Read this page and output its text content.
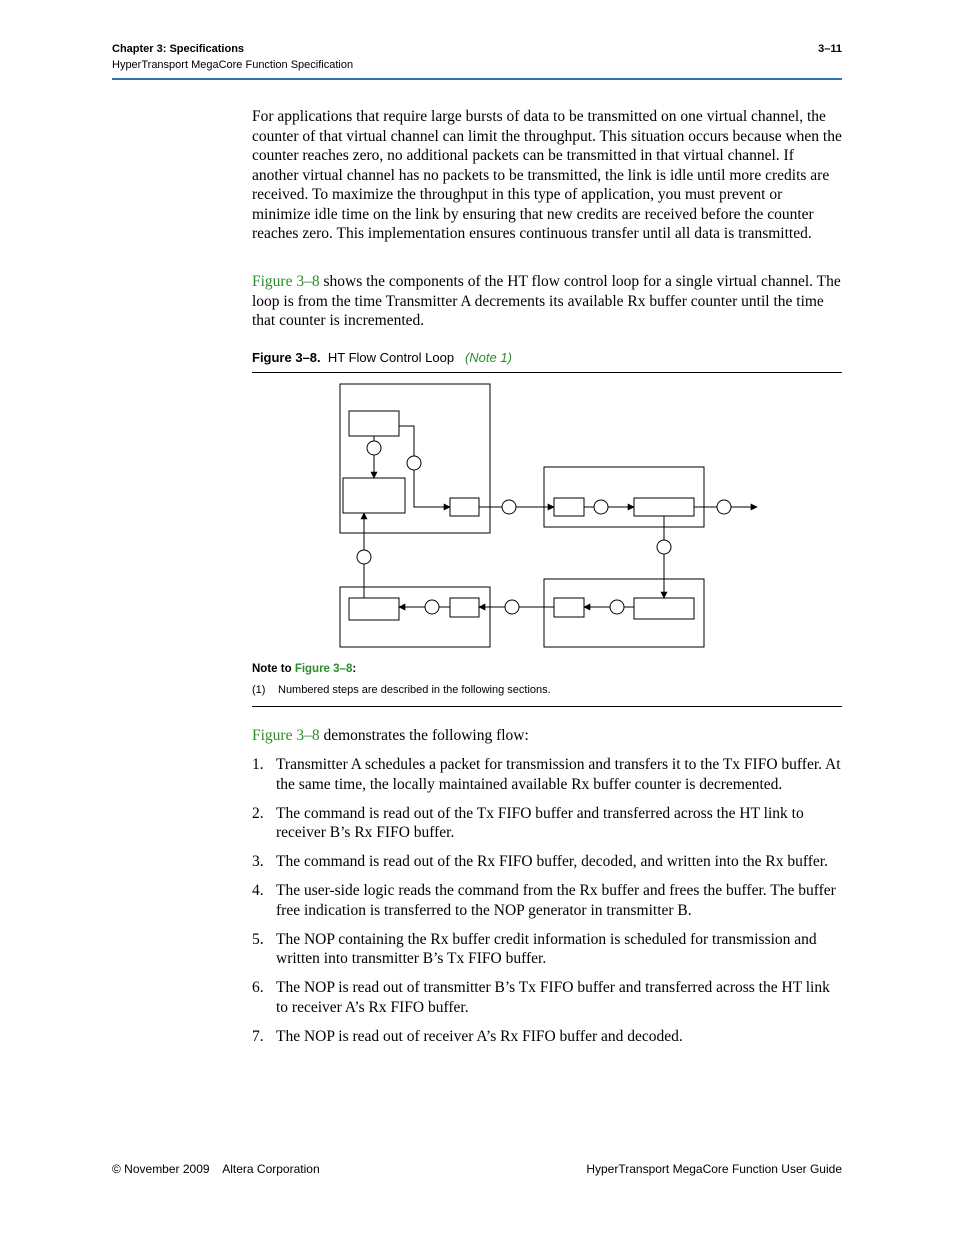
Chapter 3: Specifications
HyperTransport MegaCore Function Specification
3–11

For applications that require large bursts of data to be transmitted on one virtual channel, the counter of that virtual channel can limit the throughput. This situation occurs because when the counter reaches zero, no additional packets can be transmitted in that virtual channel. If another virtual channel has no packets to be transmitted, the link is idle until more credits are received. To maximize the throughput in this type of application, you must prevent or minimize idle time on the link by ensuring that new credits are received before the counter reaches zero. This implementation ensures continuous transfer until all data is transmitted.

Figure 3–8 shows the components of the HT flow control loop for a single virtual channel. The loop is from the time Transmitter A decrements its available Rx buffer counter until the time that counter is incremented.

Figure 3–8. HT Flow Control Loop (Note 1)
Note to Figure 3–8:
(1) Numbered steps are described in the following sections.

Figure 3–8 demonstrates the following flow:

1. Transmitter A schedules a packet for transmission and transfers it to the Tx FIFO buffer. At the same time, the locally maintained available Rx buffer counter is decremented.
2. The command is read out of the Tx FIFO buffer and transferred across the HT link to receiver B’s Rx FIFO buffer.
3. The command is read out of the Rx FIFO buffer, decoded, and written into the Rx buffer.
4. The user-side logic reads the command from the Rx buffer and frees the buffer. The buffer free indication is transferred to the NOP generator in transmitter B.
5. The NOP containing the Rx buffer credit information is scheduled for transmission and written into transmitter B’s Tx FIFO buffer.
6. The NOP is read out of transmitter B’s Tx FIFO buffer and transferred across the HT link to receiver A’s Rx FIFO buffer.
7. The NOP is read out of receiver A’s Rx FIFO buffer and decoded.
© November 2009    Altera Corporation	HyperTransport MegaCore Function User Guide
